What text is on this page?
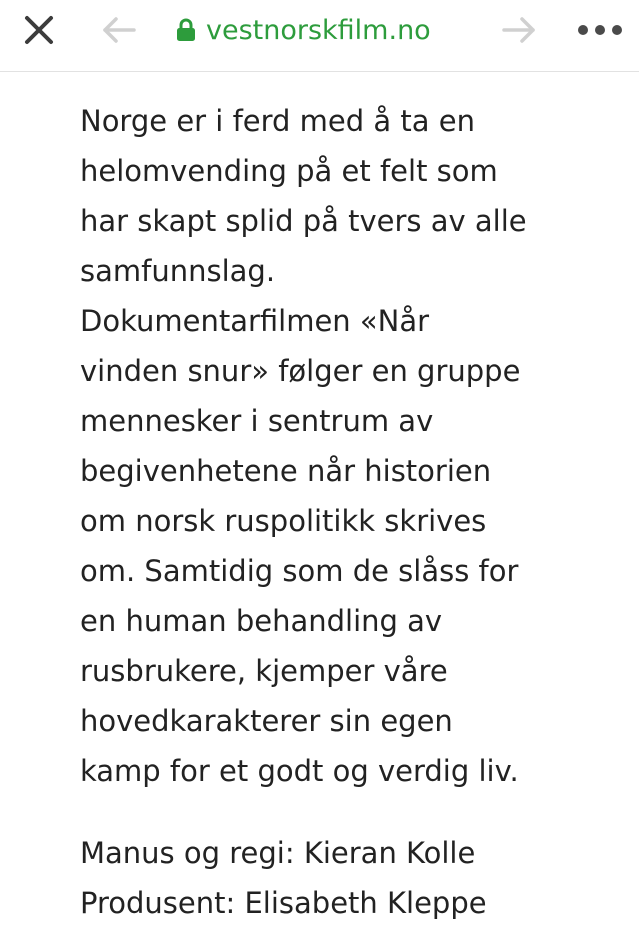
vestnorskfilm.no
Norge er i ferd med å ta en
helomvending på et felt som
har skapt splid på tvers av alle
samfunnslag.
Dokumentarfilmen «Når
vinden snur» følger en gruppe
mennesker i sentrum av
begivenhetene når historien
om norsk ruspolitikk skrives
om. Samtidig som de slåss for
en human behandling av
rusbrukere, kjemper våre
hovedkarakterer sin egen
kamp for et godt og verdig liv.
Manus og regi: Kieran Kolle
Produsent: Elisabeth Kleppe
